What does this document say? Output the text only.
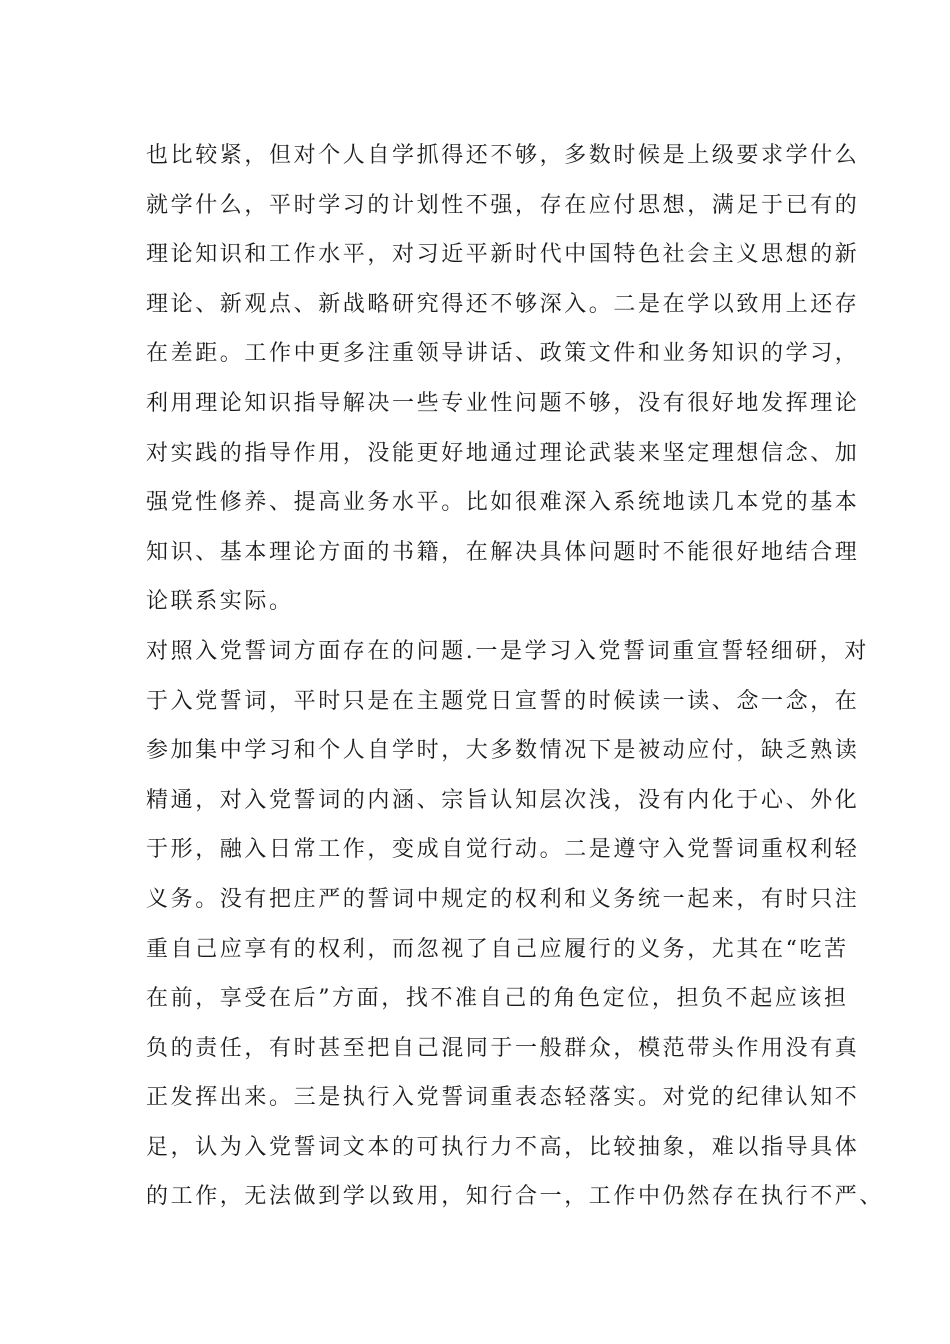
也比较紧，但对个人自学抓得还不够，多数时候是上级要求学什么
就学什么，平时学习的计划性不强，存在应付思想，满足于已有的
理论知识和工作水平，对习近平新时代中国特色社会主义思想的新
理论、新观点、新战略研究得还不够深入。二是在学以致用上还存
在差距。工作中更多注重领导讲话、政策文件和业务知识的学习，
利用理论知识指导解决一些专业性问题不够，没有很好地发挥理论
对实践的指导作用，没能更好地通过理论武装来坚定理想信念、加
强党性修养、提高业务水平。比如很难深入系统地读几本党的基本
知识、基本理论方面的书籍，在解决具体问题时不能很好地结合理
论联系实际。
对照入党誓词方面存在的问题.一是学习入党誓词重宣誓轻细研，对
于入党誓词，平时只是在主题党日宣誓的时候读一读、念一念，在
参加集中学习和个人自学时，大多数情况下是被动应付，缺乏熟读
精通，对入党誓词的内涵、宗旨认知层次浅，没有内化于心、外化
于形，融入日常工作，变成自觉行动。二是遵守入党誓词重权利轻
义务。没有把庄严的誓词中规定的权利和义务统一起来，有时只注
重自己应享有的权利，而忽视了自己应履行的义务，尤其在“吃苦
在前，享受在后”方面，找不准自己的角色定位，担负不起应该担
负的责任，有时甚至把自己混同于一般群众，模范带头作用没有真
正发挥出来。三是执行入党誓词重表态轻落实。对党的纪律认知不
足，认为入党誓词文本的可执行力不高，比较抽象，难以指导具体
的工作，无法做到学以致用，知行合一，工作中仍然存在执行不严、
